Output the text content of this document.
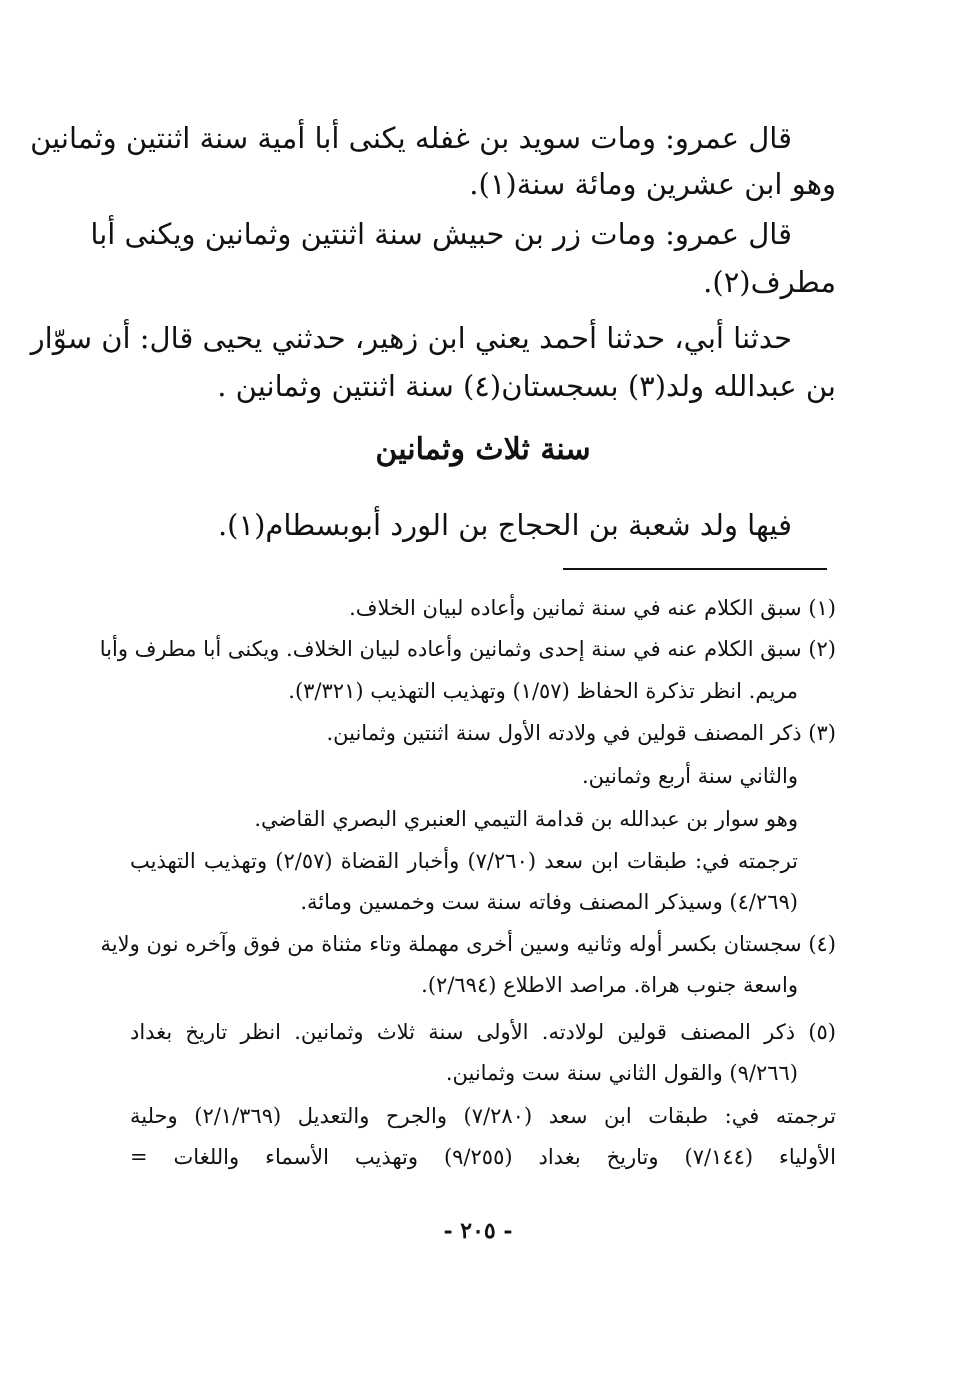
قال عمرو: ومات سويد بن غفله يكنى أبا أمية سنة اثنتين وثمانين
وهو ابن عشرين ومائة سنة(١).
قال عمرو: ومات زر بن حبيش سنة اثنتين وثمانين ويكنى أبا
مطرف(٢).
حدثنا أبي، حدثنا أحمد يعني ابن زهير، حدثني يحيى قال: أن سوّار
بن عبدالله ولد(٣) بسجستان(٤) سنة اثنتين وثمانين .
سنة ثلاث وثمانين
فيها ولد شعبة بن الحجاج بن الورد أبوبسطام(١).
(١) سبق الكلام عنه في سنة ثمانين وأعاده لبيان الخلاف.
(٢) سبق الكلام عنه في سنة إحدى وثمانين وأعاده لبيان الخلاف. ويكنى أبا مطرف وأبا
مريم. انظر تذكرة الحفاظ (١/٥٧) وتهذيب التهذيب (٣/٣٢١).
(٣) ذكر المصنف قولين في ولادته الأول سنة اثنتين وثمانين.
والثاني سنة أربع وثمانين.
وهو سوار بن عبدالله بن قدامة التيمي العنبري البصري القاضي.
ترجمته في: طبقات ابن سعد (٧/٢٦٠) وأخبار القضاة (٢/٥٧) وتهذيب التهذيب
(٤/٢٦٩) وسيذكر المصنف وفاته سنة ست وخمسين ومائة.
(٤) سجستان بكسر أوله وثانيه وسين أخرى مهملة وتاء مثناة من فوق وآخره نون ولاية
واسعة جنوب هراة. مراصد الاطلاع (٢/٦٩٤).
(٥) ذكر المصنف قولين لولادته. الأولى سنة ثلاث وثمانين. انظر تاريخ بغداد
(٩/٢٦٦) والقول الثاني سنة ست وثمانين.
ترجمته في: طبقات ابن سعد (٧/٢٨٠) والجرح والتعديل (٢/١/٣٦٩) وحلية
الأولياء (٧/١٤٤) وتاريخ بغداد (٩/٢٥٥) وتهذيب الأسماء واللغات =
- ٢٠٥ -
